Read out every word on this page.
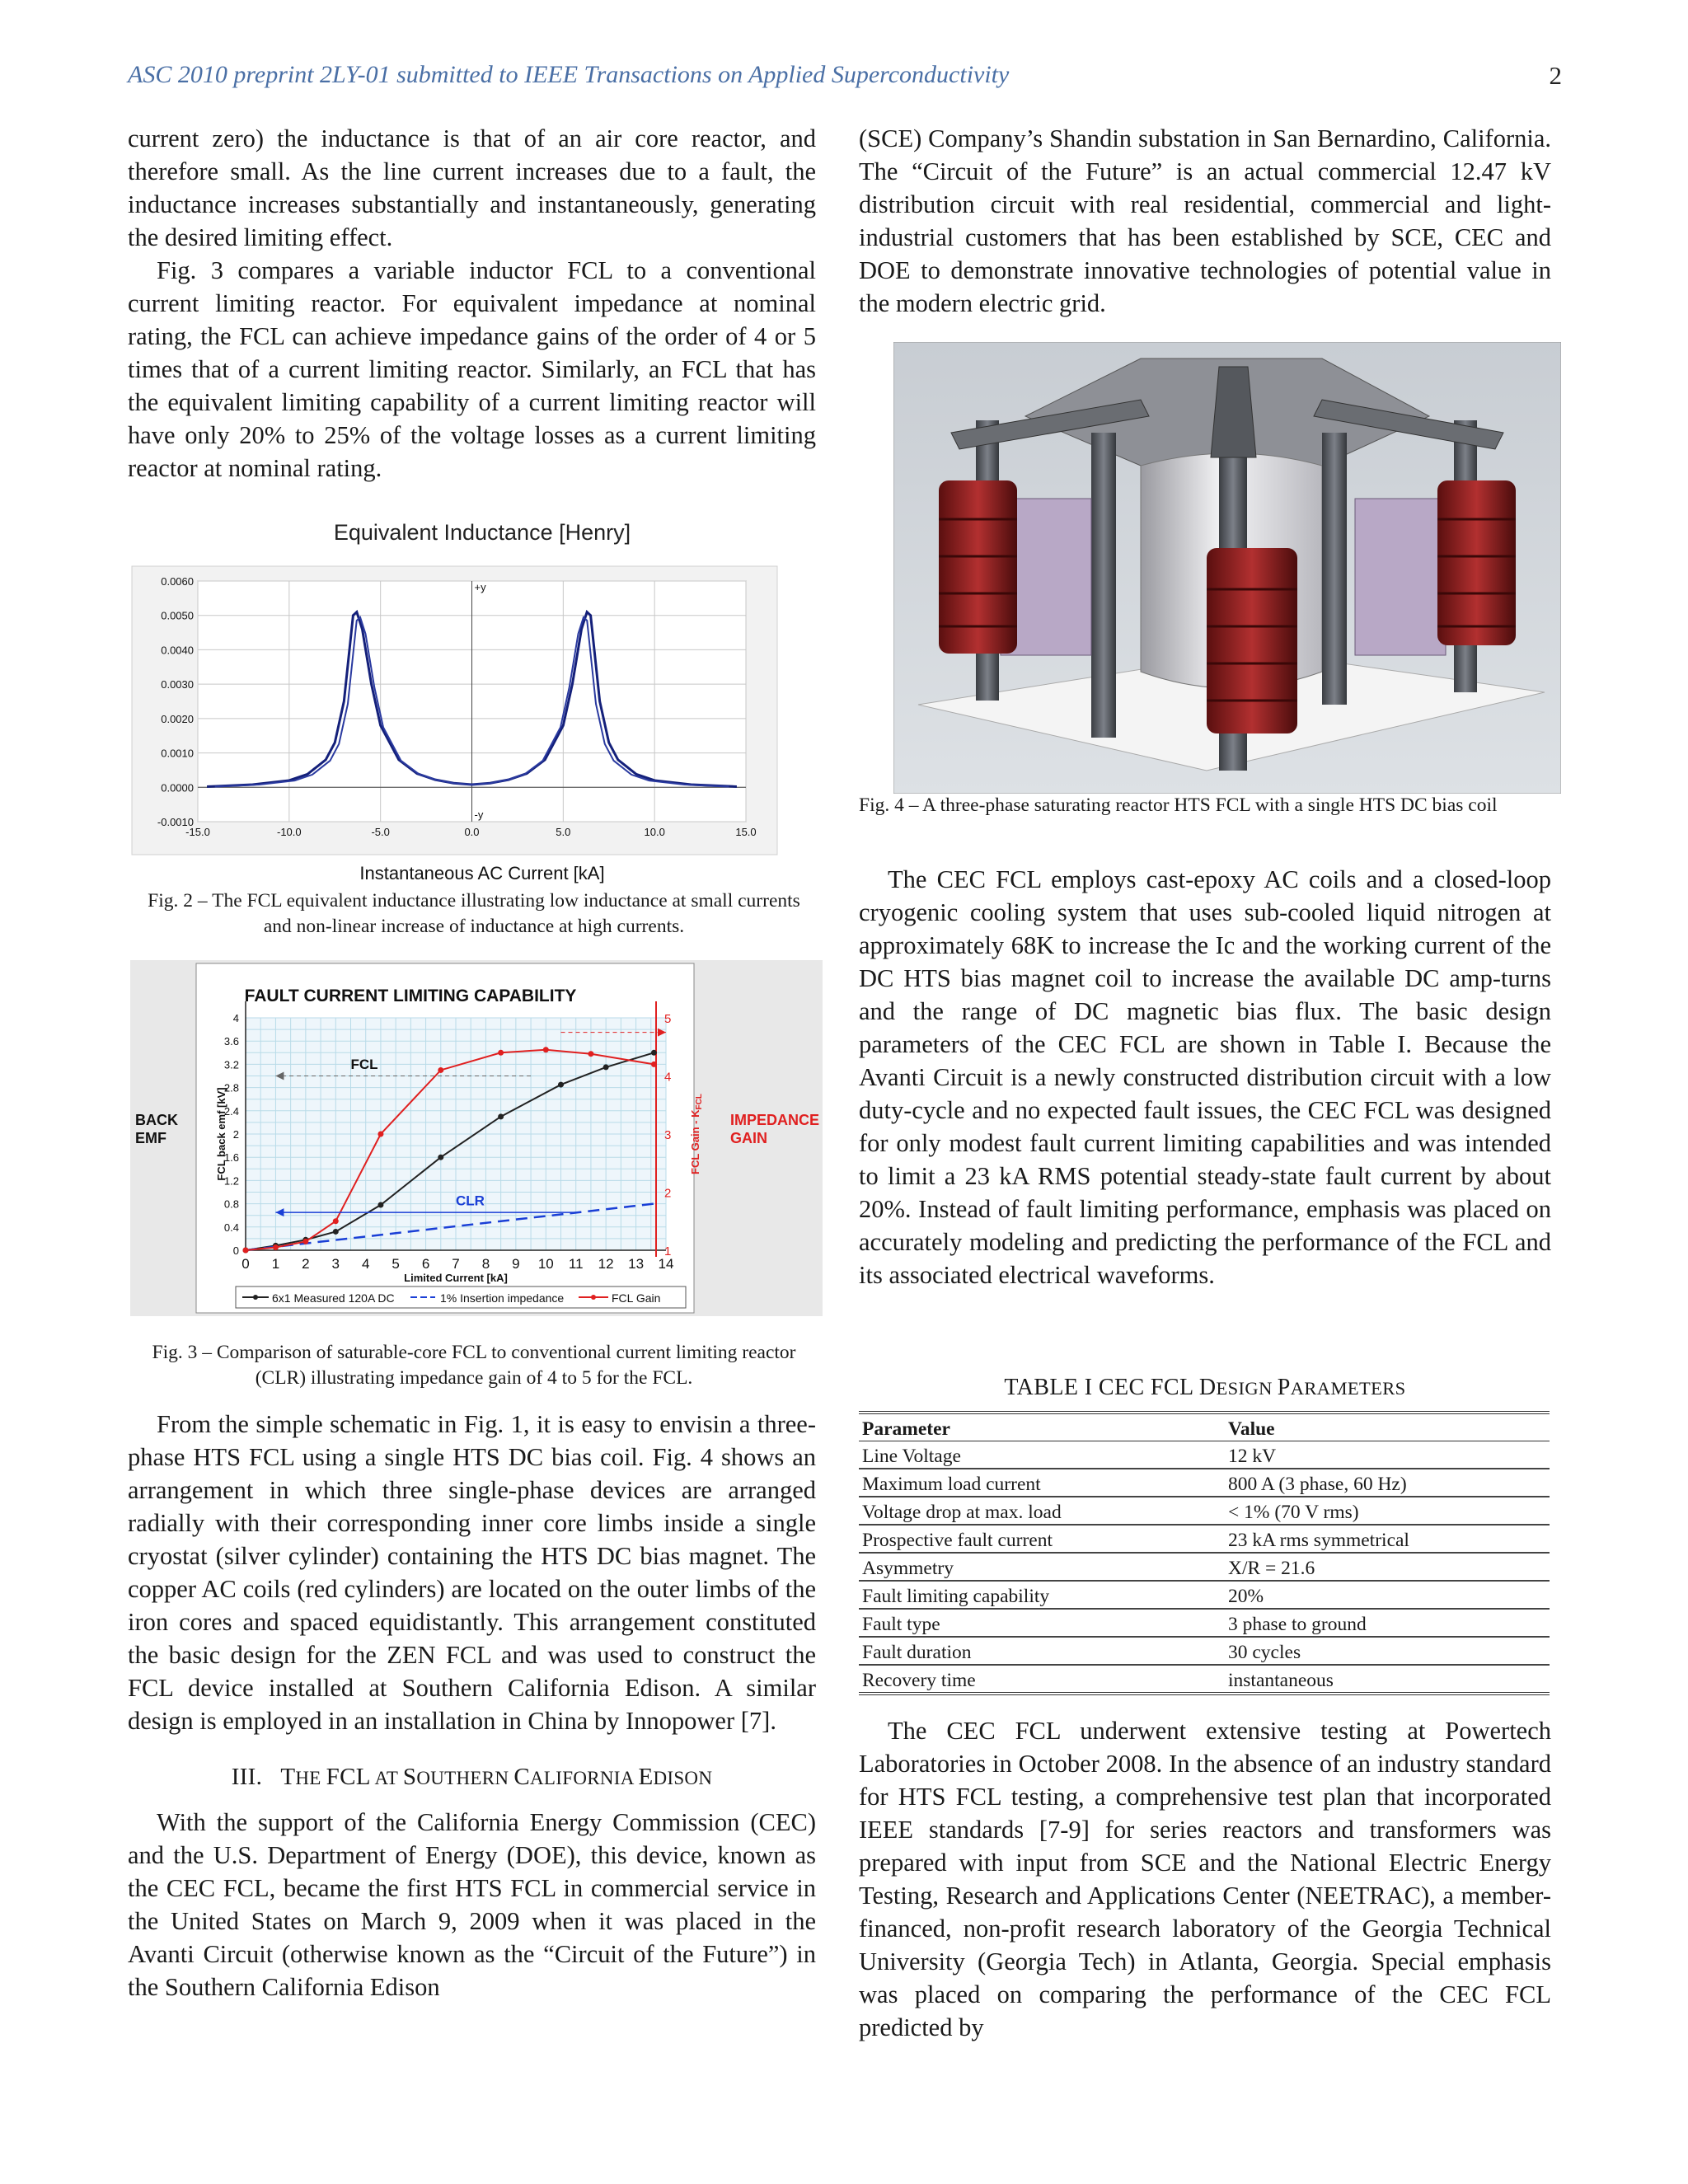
ASC 2010 preprint 2LY-01 submitted to IEEE Transactions on Applied Superconductivity	2

current zero) the inductance is that of an air core reactor, and therefore small. As the line current increases due to a fault, the inductance increases substantially and instantaneously, generating the desired limiting effect.

Fig. 3 compares a variable inductor FCL to a conventional current limiting reactor. For equivalent impedance at nominal rating, the FCL can achieve impedance gains of the order of 4 or 5 times that of a current limiting reactor. Similarly, an FCL that has the equivalent limiting capability of a current limiting reactor will have only 20% to 25% of the voltage losses as a current limiting reactor at nominal rating.

Equivalent Inductance [Henry]
-0.0010
0.0000
0.0010
0.0020
0.0030
0.0040
0.0050
0.0060
-15.0	-10.0	-5.0	0.0	5.0	10.0	15.0
+y
-y
Instantaneous AC Current [kA]
Fig. 2 – The FCL equivalent inductance illustrating low inductance at small currents and non-linear increase of inductance at high currents.
FAULT CURRENT LIMITING CAPABILITY
0
0.4
0.8
1.2
1.6
2
2.4
2.8
3.2
3.6
4
1
2
3
4
5
0 1 2 3 4 5 6 7 8 9 10 11 12 13 14
Limited Current [kA]
FCL back emf [kV]	FCL Gain - $K_{FCL}$
FCL
CLR
BACK
EMF
IMPEDANCE
GAIN
6x1 Measured 120A DC	1% Insertion impedance	FCL Gain
Fig. 3 – Comparison of saturable-core FCL to conventional current limiting reactor (CLR) illustrating impedance gain of 4 to 5 for the FCL.

From the simple schematic in Fig. 1, it is easy to envisin a three-phase HTS FCL using a single HTS DC bias coil. Fig. 4 shows an arrangement in which three single-phase devices are arranged radially with their corresponding inner core limbs inside a single cryostat (silver cylinder) containing the HTS DC bias magnet. The copper AC coils (red cylinders) are located on the outer limbs of the iron cores and spaced equidistantly. This arrangement constituted the basic design for the ZEN FCL and was used to construct the FCL device installed at Southern California Edison. A similar design is employed in an installation in China by Innopower [7].

III. THE FCL AT SOUTHERN CALIFORNIA EDISON

With the support of the California Energy Commission (CEC) and the U.S. Department of Energy (DOE), this device, known as the CEC FCL, became the first HTS FCL in commercial service in the United States on March 9, 2009 when it was placed in the Avanti Circuit (otherwise known as the “Circuit of the Future”) in the Southern California Edison

(SCE) Company’s Shandin substation in San Bernardino, California. The “Circuit of the Future” is an actual commercial 12.47 kV distribution circuit with real residential, commercial and light-industrial customers that has been established by SCE, CEC and DOE to demonstrate innovative technologies of potential value in the modern electric grid.

Fig. 4 – A three-phase saturating reactor HTS FCL with a single HTS DC bias coil

The CEC FCL employs cast-epoxy AC coils and a closed-loop cryogenic cooling system that uses sub-cooled liquid nitrogen at approximately 68K to increase the Ic and the working current of the DC HTS bias magnet coil to increase the available DC amp-turns and the range of DC magnetic bias flux. The basic design parameters of the CEC FCL are shown in Table I. Because the Avanti Circuit is a newly constructed distribution circuit with a low duty-cycle and no expected fault issues, the CEC FCL was designed for only modest fault current limiting capabilities and was intended to limit a 23 kA RMS potential steady-state fault current by about 20%. Instead of fault limiting performance, emphasis was placed on accurately modeling and predicting the performance of the FCL and its associated electrical waveforms.

TABLE I CEC FCL DESIGN PARAMETERS
Parameter	Value
Line Voltage	12 kV
Maximum load current	800 A (3 phase, 60 Hz)
Voltage drop at max. load	< 1% (70 V rms)
Prospective fault current	23 kA rms symmetrical
Asymmetry	X/R = 21.6
Fault limiting capability	20%
Fault type	3 phase to ground
Fault duration	30 cycles
Recovery time	instantaneous

The CEC FCL underwent extensive testing at Powertech Laboratories in October 2008. In the absence of an industry standard for HTS FCL testing, a comprehensive test plan that incorporated IEEE standards [7-9] for series reactors and transformers was prepared with input from SCE and the National Electric Energy Testing, Research and Applications Center (NEETRAC), a member-financed, non-profit research laboratory of the Georgia Technical University (Georgia Tech) in Atlanta, Georgia. Special emphasis was placed on comparing the performance of the CEC FCL predicted by
